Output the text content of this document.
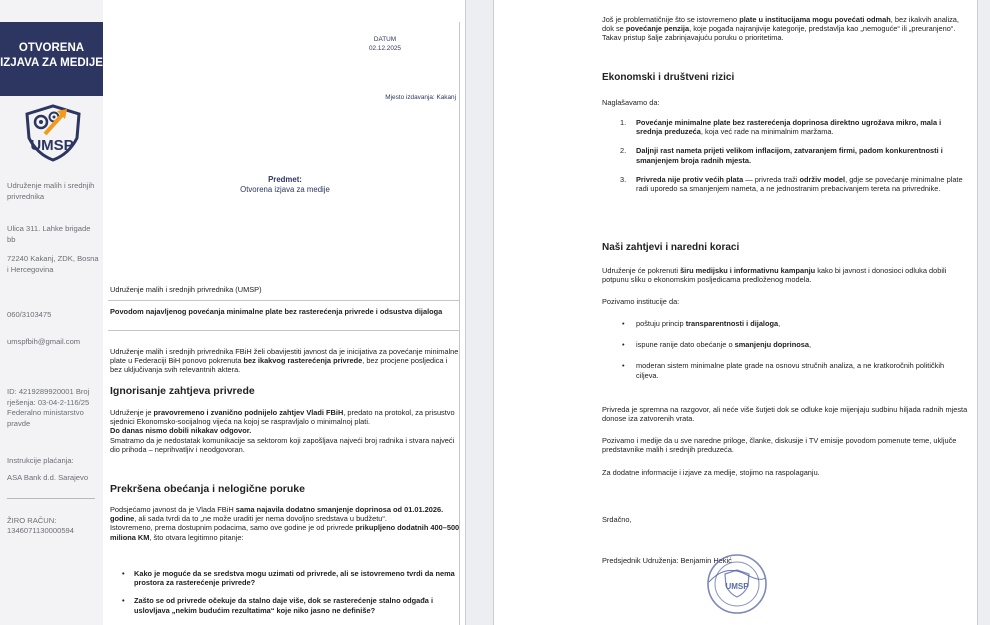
OTVORENA IZJAVA ZA MEDIJE
UMSP
Udruženje malih i srednjih privrednika
Ulica 311. Lahke brigade bb
72240 Kakanj, ZDK, Bosna i Hercegovina
060/3103475
umspfbih@gmail.com
ID: 4219289920001 Broj rješenja: 03-04-2-116/25 Federalno ministarstvo pravde
Instrukcije plaćanja:
ASA Bank d.d. Sarajevo
ŽIRO RAČUN:
1346071130000594
DATUM
02.12.2025
Mjesto izdavanja: Kakanj
Predmet:
Otvorena izjava za medije
Udruženje malih i srednjih privrednika (UMSP)
Povodom najavljenog povećanja minimalne plate bez rasterećenja privrede i odsustva dijaloga
Udruženje malih i srednjih privrednika FBiH želi obavijestiti javnost da je inicijativa za povećanje minimalne plate u Federaciji BiH ponovo pokrenuta bez ikakvog rasterećenja privrede, bez procjene posljedica i bez uključivanja svih relevantnih aktera.
Ignorisanje zahtjeva privrede
Udruženje je pravovremeno i zvanično podnijelo zahtjev Vladi FBiH, predato na protokol, za prisustvo sjednici Ekonomsko-socijalnog vijeća na kojoj se raspravljalo o minimalnoj plati.
Do danas nismo dobili nikakav odgovor.
Smatramo da je nedostatak komunikacije sa sektorom koji zapošljava najveći broj radnika i stvara najveći dio prihoda – neprihvatljiv i neodgovoran.
Prekršena obećanja i nelogične poruke
Podsjećamo javnost da je Vlada FBiH sama najavila dodatno smanjenje doprinosa od 01.01.2026. godine, ali sada tvrdi da to „ne može uraditi jer nema dovoljno sredstava u budžetu“.
Istovremeno, prema dostupnim podacima, samo ove godine je od privrede prikupljeno dodatnih 400–500 miliona KM, što otvara legitimno pitanje:
• Kako je moguće da se sredstva mogu uzimati od privrede, ali se istovremeno tvrdi da nema prostora za rasterećenje privrede?
• Zašto se od privrede očekuje da stalno daje više, dok se rasterećenje stalno odgađa i uslovljava „nekim budućim rezultatima“ koje niko jasno ne definiše?
Još je problematičnije što se istovremeno plate u institucijama mogu povećati odmah, bez ikakvih analiza, dok se povećanje penzija, koje pogađa najranjivije kategorije, predstavlja kao „nemoguće“ ili „preuranjeno“.
Takav pristup šalje zabrinjavajuću poruku o prioritetima.
Ekonomski i društveni rizici
Naglašavamo da:
1. Povećanje minimalne plate bez rasterećenja doprinosa direktno ugrožava mikro, mala i srednja preduzeća, koja već rade na minimalnim maržama.
2. Daljnji rast nameta prijeti velikom inflacijom, zatvaranjem firmi, padom konkurentnosti i smanjenjem broja radnih mjesta.
3. Privreda nije protiv većih plata — privreda traži održiv model, gdje se povećanje minimalne plate radi uporedo sa smanjenjem nameta, a ne jednostranim prebacivanjem tereta na privrednike.
Naši zahtjevi i naredni koraci
Udruženje će pokrenuti širu medijsku i informativnu kampanju kako bi javnost i donosioci odluka dobili potpunu sliku o ekonomskim posljedicama predloženog modela.
Pozivamo institucije da:
• poštuju princip transparentnosti i dijaloga,
• ispune ranije dato obećanje o smanjenju doprinosa,
• moderan sistem minimalne plate grade na osnovu stručnih analiza, a ne kratkoročnih političkih ciljeva.
Privreda je spremna na razgovor, ali neće više šutjeti dok se odluke koje mijenjaju sudbinu hiljada radnih mjesta donose iza zatvorenih vrata.
Pozivamo i medije da u sve naredne priloge, članke, diskusije i TV emisije povodom pomenute teme, uključe predstavnike malih i srednjih preduzeća.
Za dodatne informacije i izjave za medije, stojimo na raspolaganju.
Srdačno,
Predsjednik Udruženja: Benjamin Hekić
UMSP
